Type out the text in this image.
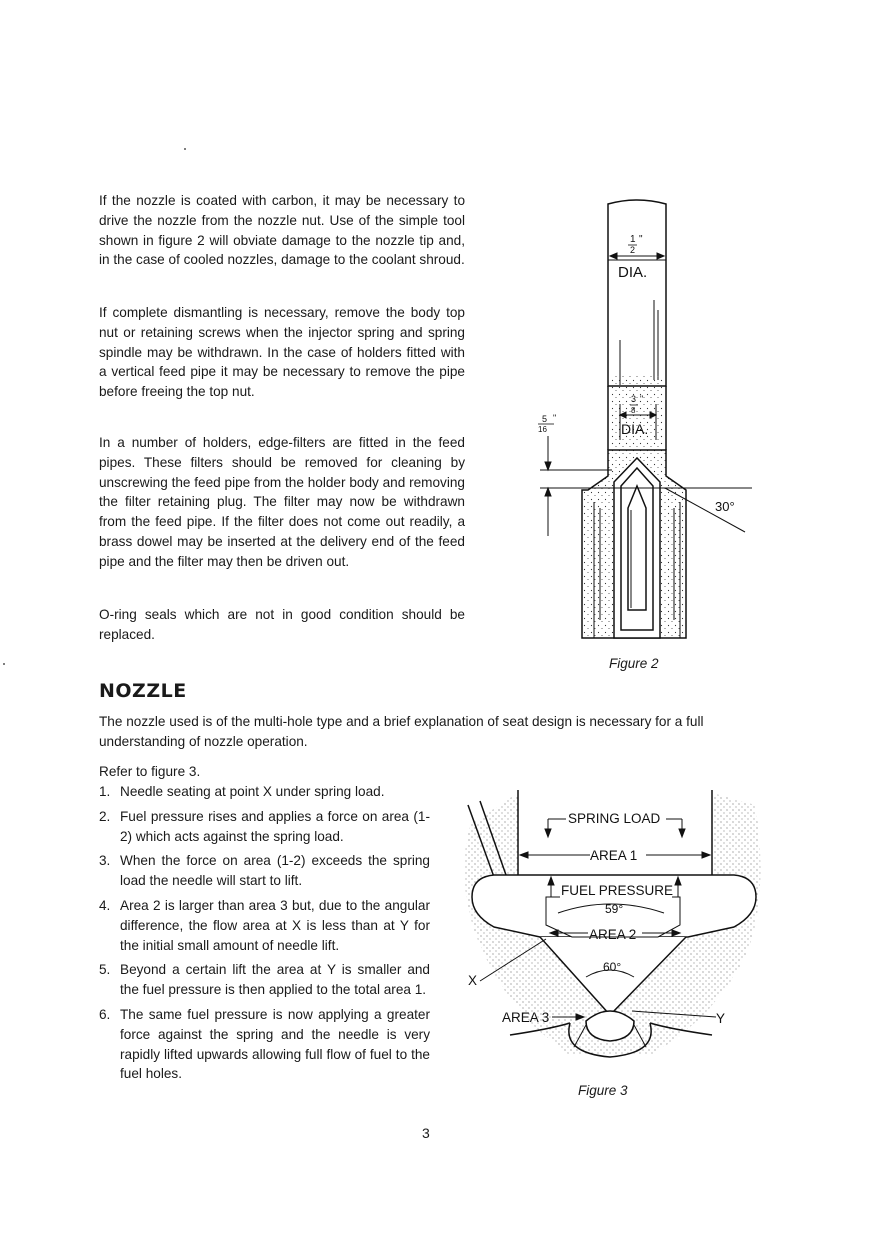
If the nozzle is coated with carbon, it may be necessary to drive the nozzle from the nozzle nut. Use of the simple tool shown in figure 2 will obviate damage to the nozzle tip and, in the case of cooled nozzles, damage to the coolant shroud.

If complete dismantling is necessary, remove the body top nut or retaining screws when the injector spring and spring spindle may be withdrawn. In the case of holders fitted with a vertical feed pipe it may be necessary to remove the pipe before freeing the top nut.

In a number of holders, edge-filters are fitted in the feed pipes. These filters should be removed for cleaning by unscrewing the feed pipe from the holder body and removing the filter retaining plug. The filter may now be withdrawn from the feed pipe. If the filter does not come out readily, a brass dowel may be inserted at the delivery end of the feed pipe and the filter may then be driven out.

O-ring seals which are not in good condition should be replaced.

1
2
"
DIA.
3
8
"
DIA.
5
16
"
30°
Figure 2
NOZZLE

The nozzle used is of the multi-hole type and a brief explanation of seat design is necessary for a full understanding of nozzle operation.

Refer to figure 3.
1. Needle seating at point X under spring load.
2. Fuel pressure rises and applies a force on area (1-2) which acts against the spring load.
3. When the force on area (1-2) exceeds the spring load the needle will start to lift.
4. Area 2 is larger than area 3 but, due to the angular difference, the flow area at X is less than at Y for the initial small amount of needle lift.
5. Beyond a certain lift the area at Y is smaller and the fuel pressure is then applied to the total area 1.
6. The same fuel pressure is now applying a greater force against the spring and the needle is very rapidly lifted upwards allowing full flow of fuel to the fuel holes.
SPRING LOAD
AREA 1
FUEL PRESSURE
59°
AREA 2
60°
X
AREA 3	Y
Figure 3
3
